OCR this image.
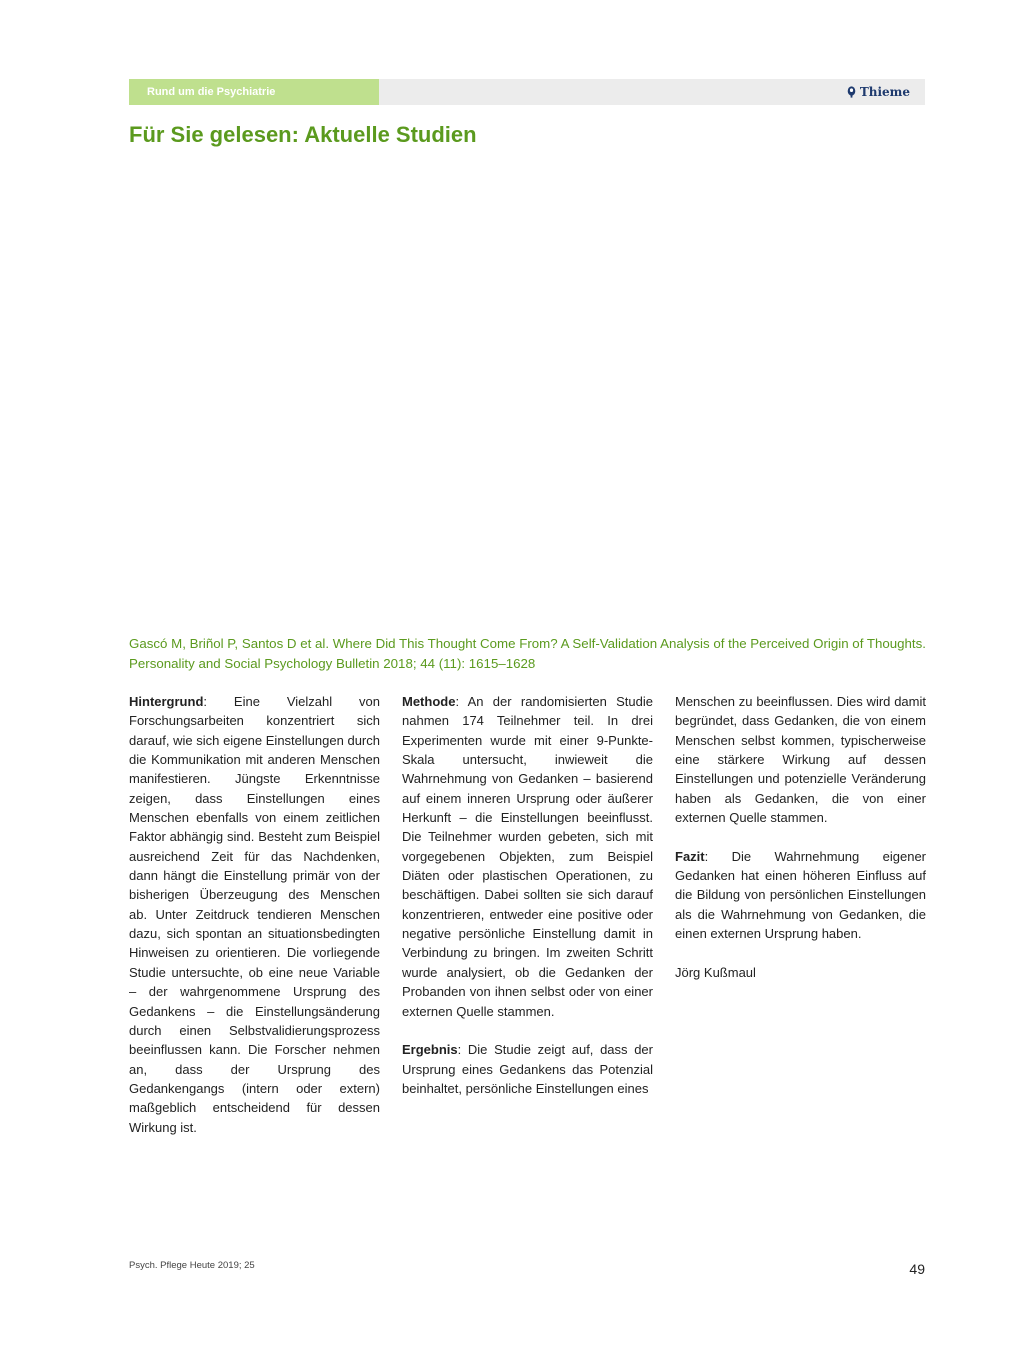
Rund um die Psychiatrie	Thieme
Für Sie gelesen: Aktuelle Studien

Gascó M, Briñol P, Santos D et al. Where Did This Thought Come From? A Self-Validation Analysis of the Perceived Origin of Thoughts. Personality and Social Psychology Bulletin 2018; 44 (11): 1615–1628

Hintergrund: Eine Vielzahl von Forschungsarbeiten konzentriert sich darauf, wie sich eigene Einstellungen durch die Kommunikation mit anderen Menschen manifestieren. Jüngste Erkenntnisse zeigen, dass Einstellungen eines Menschen ebenfalls von einem zeitlichen Faktor abhängig sind. Besteht zum Beispiel ausreichend Zeit für das Nachdenken, dann hängt die Einstellung primär von der bisherigen Überzeugung des Menschen ab. Unter Zeitdruck tendieren Menschen dazu, sich spontan an situationsbedingten Hinweisen zu orientieren. Die vorliegende Studie untersuchte, ob eine neue Variable – der wahrgenommene Ursprung des Gedankens – die Einstellungsänderung durch einen Selbstvalidierungsprozess beeinflussen kann. Die Forscher nehmen an, dass der Ursprung des Gedankengangs (intern oder extern) maßgeblich entscheidend für dessen Wirkung ist.

Methode: An der randomisierten Studie nahmen 174 Teilnehmer teil. In drei Experimenten wurde mit einer 9-Punkte-Skala untersucht, inwieweit die Wahrnehmung von Gedanken – basierend auf einem inneren Ursprung oder äußerer Herkunft – die Einstellungen beeinflusst. Die Teilnehmer wurden gebeten, sich mit vorgegebenen Objekten, zum Beispiel Diäten oder plastischen Operationen, zu beschäftigen. Dabei sollten sie sich darauf konzentrieren, entweder eine positive oder negative persönliche Einstellung damit in Verbindung zu bringen. Im zweiten Schritt wurde analysiert, ob die Gedanken der Probanden von ihnen selbst oder von einer externen Quelle stammen.

Ergebnis: Die Studie zeigt auf, dass der Ursprung eines Gedankens das Potenzial beinhaltet, persönliche Einstellungen eines

Menschen zu beeinflussen. Dies wird damit begründet, dass Gedanken, die von einem Menschen selbst kommen, typischerweise eine stärkere Wirkung auf dessen Einstellungen und potenzielle Veränderung haben als Gedanken, die von einer externen Quelle stammen.

Fazit: Die Wahrnehmung eigener Gedanken hat einen höheren Einfluss auf die Bildung von persönlichen Einstellungen als die Wahrnehmung von Gedanken, die einen externen Ursprung haben.

Jörg Kußmaul

Psych. Pflege Heute 2019; 25	49
